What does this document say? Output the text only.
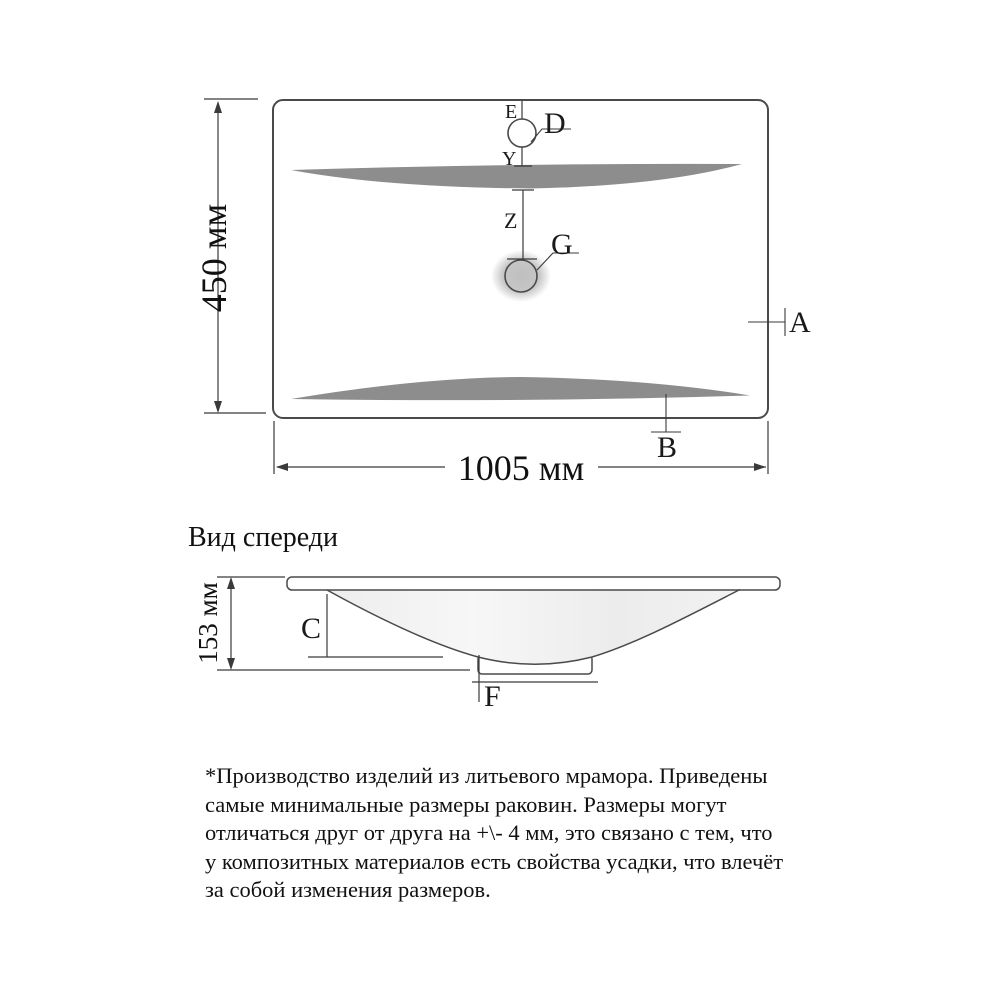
E D
Y
Z
G
A
B
450 мм
1005 мм
Вид спереди
C
F
153 мм
*Производство изделий из литьевого мрамора. Приведены
самые минимальные размеры раковин. Размеры могут
отличаться друг от друга на +\- 4 мм, это связано с тем, что
у композитных материалов есть свойства усадки, что влечёт
за собой изменения размеров.
